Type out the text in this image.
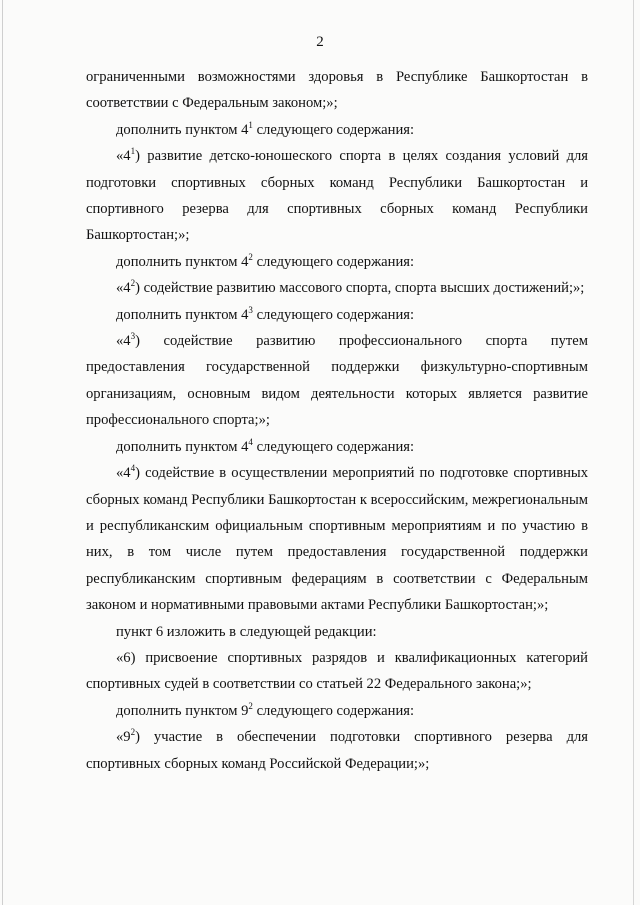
2

ограниченными возможностями здоровья в Республике Башкортостан в соответствии с Федеральным законом;»;

дополнить пунктом $4^1$ следующего содержания:

«$4^1$) развитие детско-юношеского спорта в целях создания условий для подготовки спортивных сборных команд Республики Башкортостан и спортивного резерва для спортивных сборных команд Республики Башкортостан;»;

дополнить пунктом $4^2$ следующего содержания:

«$4^2$) содействие развитию массового спорта, спорта высших достижений;»;

дополнить пунктом $4^3$ следующего содержания:

«$4^3$) содействие развитию профессионального спорта путем предоставления государственной поддержки физкультурно-спортивным организациям, основным видом деятельности которых является развитие профессионального спорта;»;

дополнить пунктом $4^4$ следующего содержания:

«$4^4$) содействие в осуществлении мероприятий по подготовке спортивных сборных команд Республики Башкортостан к всероссийским, межрегиональным и республиканским официальным спортивным мероприятиям и по участию в них, в том числе путем предоставления государственной поддержки республиканским спортивным федерациям в соответствии с Федеральным законом и нормативными правовыми актами Республики Башкортостан;»;

пункт 6 изложить в следующей редакции:

«6) присвоение спортивных разрядов и квалификационных категорий спортивных судей в соответствии со статьей 22 Федерального закона;»;

дополнить пунктом $9^2$ следующего содержания:

«$9^2$) участие в обеспечении подготовки спортивного резерва для спортивных сборных команд Российской Федерации;»;
